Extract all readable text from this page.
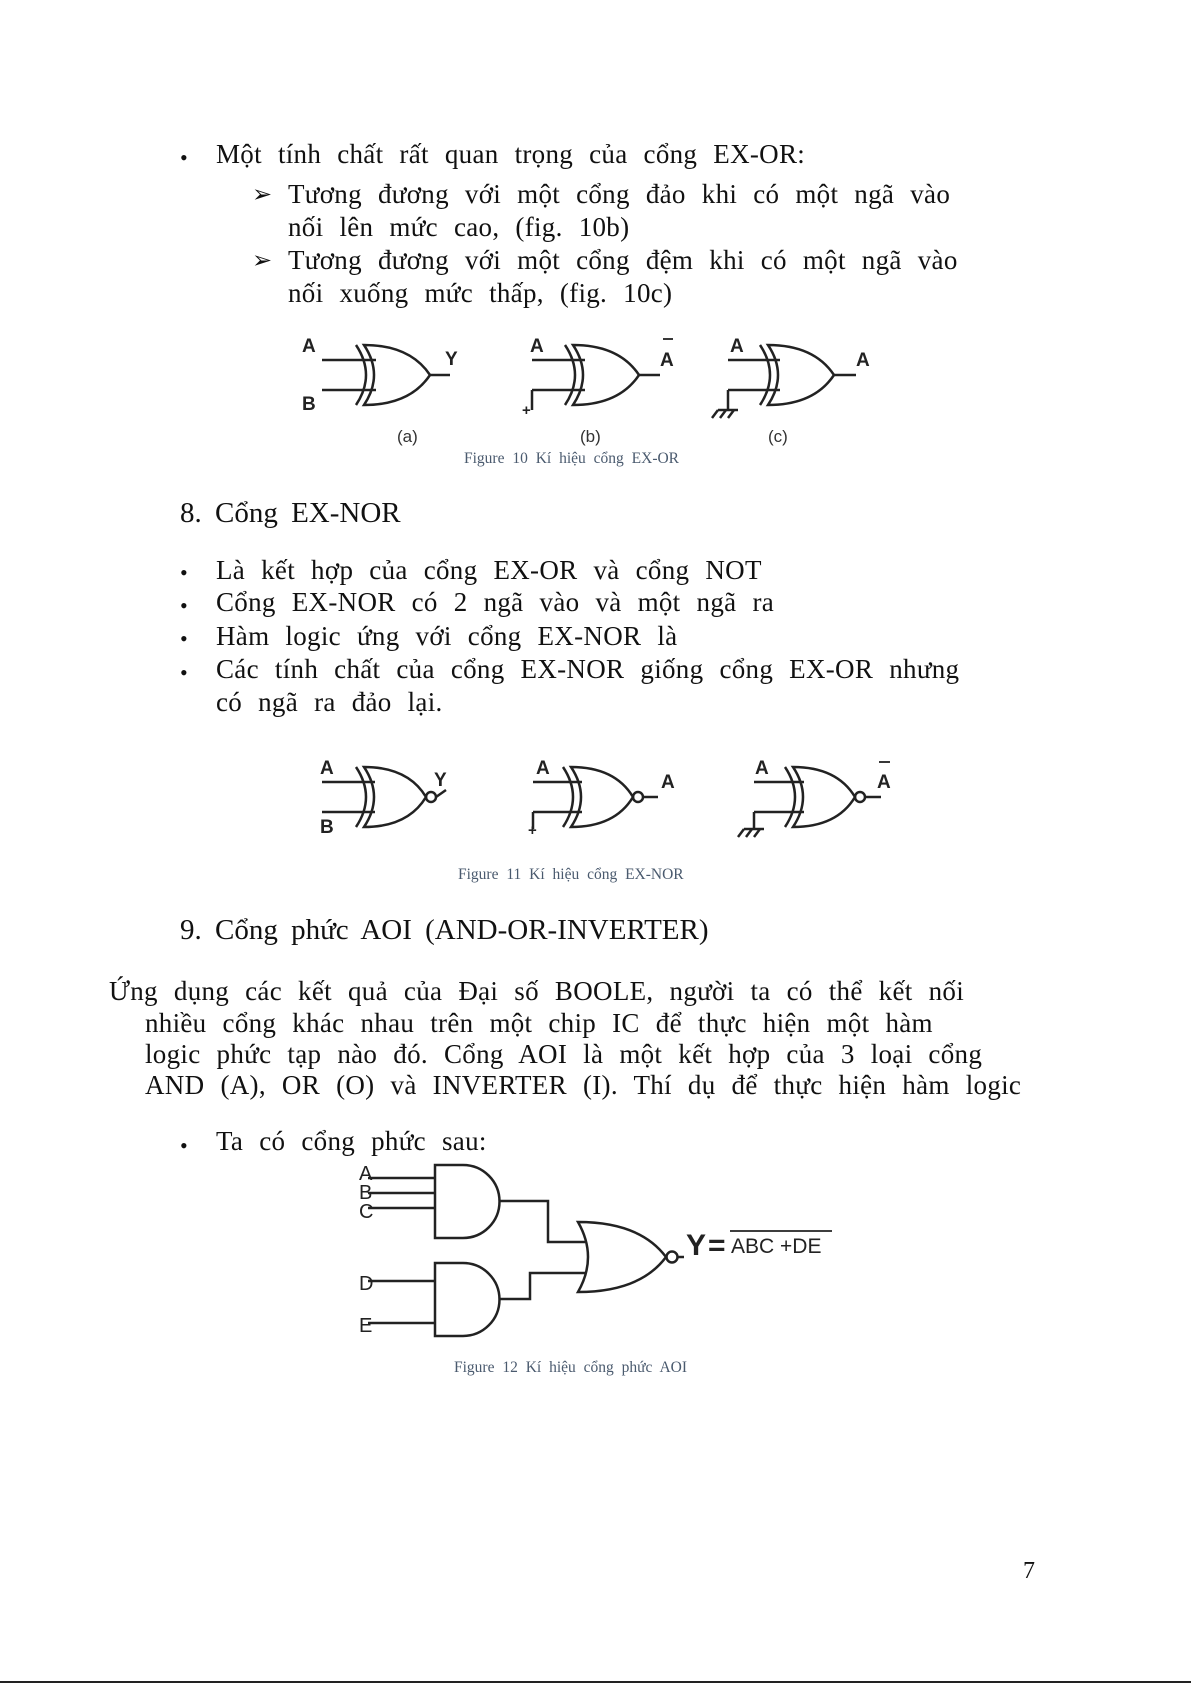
• Một tính chất rất quan trọng của cổng EX-OR:
➢ Tương đương với một cổng đảo khi có một ngã vào
nối lên mức cao, (fig. 10b)
➢ Tương đương với một cổng đệm khi có một ngã vào
nối xuống mức thấp, (fig. 10c)
A
B
Y
A
+
A
A
A
(a)	(b)	(c)
Figure 10 Kí hiệu cổng EX-OR
8. Cổng EX-NOR
• Là kết hợp của cổng EX-OR và cổng NOT
• Cổng EX-NOR có 2 ngã vào và một ngã ra
• Hàm logic ứng với cổng EX-NOR là
• Các tính chất của cổng EX-NOR giống cổng EX-OR nhưng
có ngã ra đảo lại.
A
B
Y
A
+
A
A
A
Figure 11 Kí hiệu cổng EX-NOR
9. Cổng phức AOI (AND-OR-INVERTER)
Ứng dụng các kết quả của Đại số BOOLE, người ta có thể kết nối
nhiều cổng khác nhau trên một chip IC để thực hiện một hàm
logic phức tạp nào đó. Cổng AOI là một kết hợp của 3 loại cổng
AND (A), OR (O) và INVERTER (I). Thí dụ để thực hiện hàm logic
• Ta có cổng phức sau:
A
B
C
D
E
Y = ABC +DE
Figure 12 Kí hiệu cổng phức AOI
7
